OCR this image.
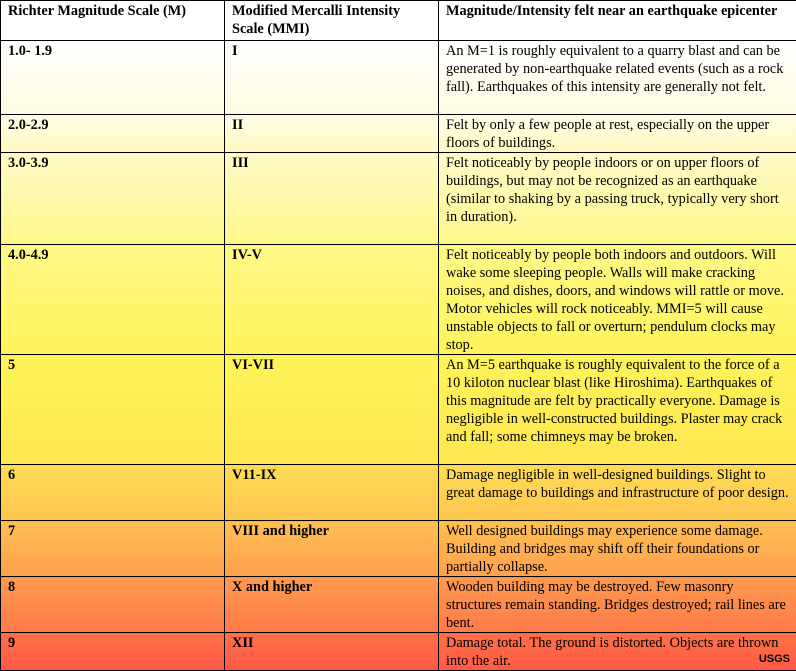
Richter Magnitude Scale (M)	Modified Mercalli Intensity Scale (MMI)	Magnitude/Intensity felt near an earthquake epicenter
1.0- 1.9	I	An M=1 is roughly equivalent to a quarry blast and can be generated by non-earthquake related events (such as a rock fall). Earthquakes of this intensity are generally not felt.
2.0-2.9	II	Felt by only a few people at rest, especially on the upper floors of buildings.
3.0-3.9	III	Felt noticeably by people indoors or on upper floors of buildings, but may not be recognized as an earthquake (similar to shaking by a passing truck, typically very short in duration).
4.0-4.9	IV-V	Felt noticeably by people both indoors and outdoors. Will wake some sleeping people. Walls will make cracking noises, and dishes, doors, and windows will rattle or move. Motor vehicles will rock noticeably. MMI=5 will cause unstable objects to fall or overturn; pendulum clocks may stop.
5	VI-VII	An M=5 earthquake is roughly equivalent to the force of a 10 kiloton nuclear blast (like Hiroshima). Earthquakes of this magnitude are felt by practically everyone. Damage is negligible in well-constructed buildings. Plaster may crack and fall; some chimneys may be broken.
6	V11-IX	Damage negligible in well-designed buildings. Slight to great damage to buildings and infrastructure of poor design.
7	VIII and higher	Well designed buildings may experience some damage. Building and bridges may shift off their foundations or partially collapse.
8	X and higher	Wooden building may be destroyed. Few masonry structures remain standing. Bridges destroyed; rail lines are bent.
9	XII	Damage total. The ground is distorted. Objects are thrown into the air.	USGS
